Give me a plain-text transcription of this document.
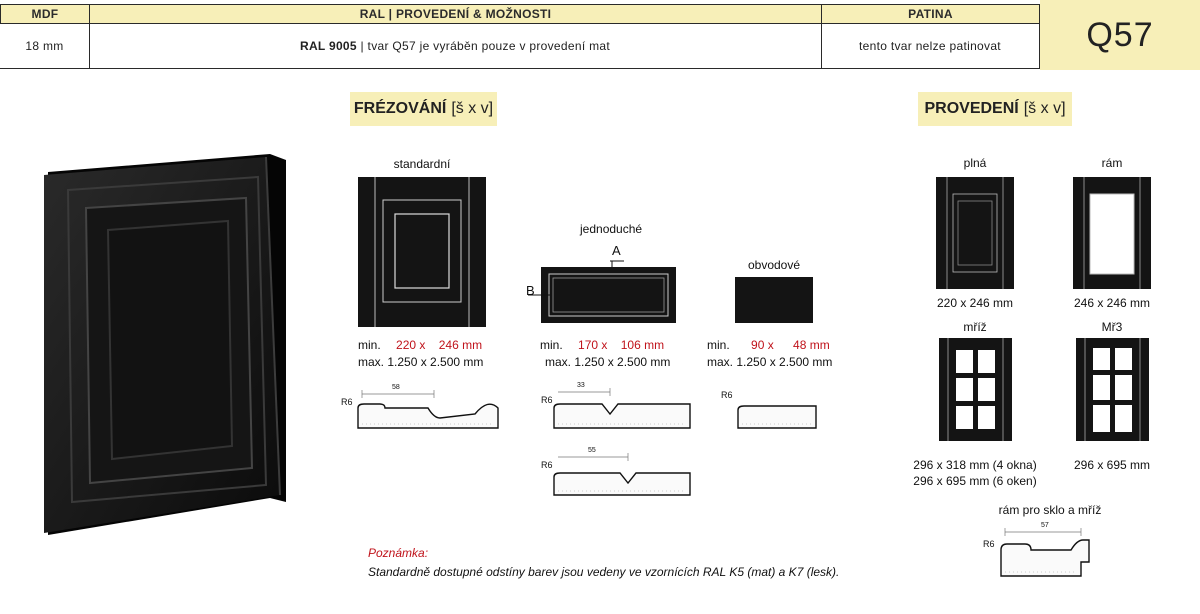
MDF	RAL | PROVEDENÍ & MOŽNOSTI	PATINA
18 mm	RAL 9005 | tvar Q57 je vyráběn pouze v provedení mat	tento tvar nelze patinovat	Q57
FRÉZOVÁNÍ [š x v]
standardní
min. 220 x 246 mm
max. 1.250 x 2.500 mm
R6
58
jednoduché
A
B
min. 170 x 106 mm
max. 1.250 x 2.500 mm
R6
33
R6
55
obvodové
min. 90 x 48 mm
max. 1.250 x 2.500 mm
R6
PROVEDENÍ [š x v]
plná
220 x 246 mm
rám
246 x 246 mm
mříž
296 x 318 mm (4 okna)
296 x 695 mm (6 oken)
Mř3
296 x 695 mm
rám pro sklo a mříž
R6
57
Poznámka:
Standardně dostupné odstíny barev jsou vedeny ve vzornících RAL K5 (mat) a K7 (lesk).
